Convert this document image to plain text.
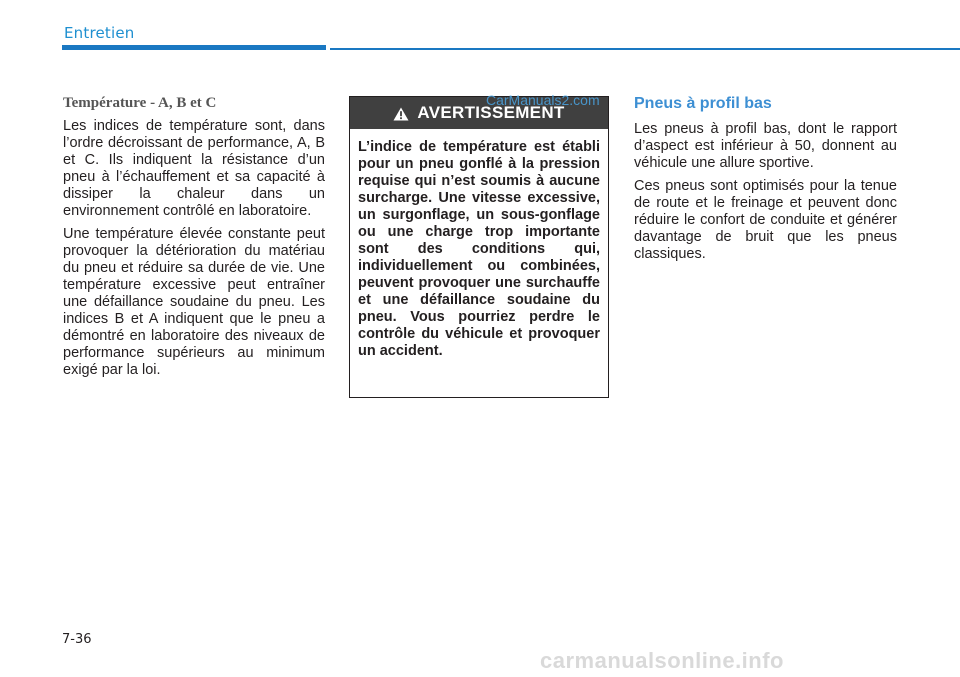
Entretien
Température - A, B et C

Les indices de température sont, dans l’ordre décroissant de performance, A, B et C. Ils indiquent la résistance d’un pneu à l’échauffement et sa capacité à dissiper la chaleur dans un environnement contrôlé en laboratoire.

Une température élevée constante peut provoquer la détérioration du matériau du pneu et réduire sa durée de vie. Une température excessive peut entraîner une défaillance soudaine du pneu. Les indices B et A indiquent que le pneu a démontré en laboratoire des niveaux de performance supérieurs au minimum exigé par la loi.

AVERTISSEMENT

L’indice de température est établi pour un pneu gonflé à la pression requise qui n’est soumis à aucune surcharge. Une vitesse excessive, un surgonflage, un sous-gonflage ou une charge trop importante sont des conditions qui, individuellement ou combinées, peuvent provoquer une surchauffe et une défaillance soudaine du pneu. Vous pourriez perdre le contrôle du véhicule et provoquer un accident.

CarManuals2.com Pneus à profil bas

Les pneus à profil bas, dont le rapport d’aspect est inférieur à 50, donnent au véhicule une allure sportive.

Ces pneus sont optimisés pour la tenue de route et le freinage et peuvent donc réduire le confort de conduite et générer davantage de bruit que les pneus classiques.

7-36
carmanualsonline.info
